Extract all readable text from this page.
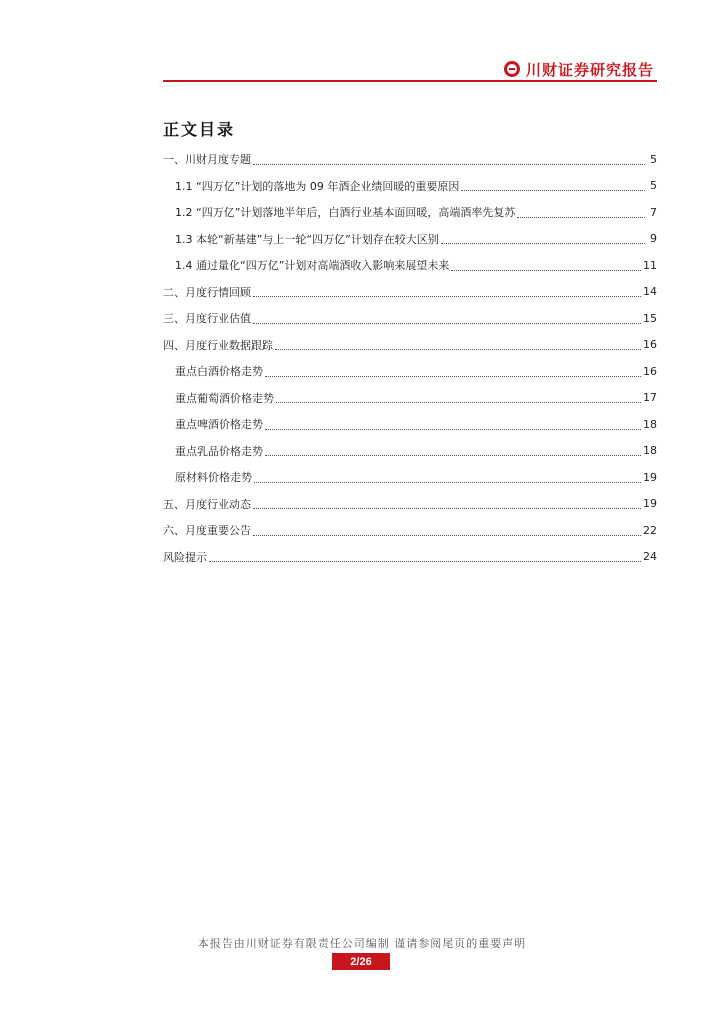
川财证券研究报告
正文目录
一、川财月度专题	5
1.1 “四万亿”计划的落地为 09 年酒企业绩回暖的重要原因	5
1.2 “四万亿”计划落地半年后，白酒行业基本面回暖，高端酒率先复苏	7
1.3 本轮“新基建”与上一轮“四万亿”计划存在较大区别	9
1.4 通过量化“四万亿”计划对高端酒收入影响来展望未来	11
二、月度行情回顾	14
三、月度行业估值	15
四、月度行业数据跟踪	16
重点白酒价格走势	16
重点葡萄酒价格走势	17
重点啤酒价格走势	18
重点乳品价格走势	18
原材料价格走势	19
五、月度行业动态	19
六、月度重要公告	22
风险提示	24
本报告由川财证券有限责任公司编制 谨请参阅尾页的重要声明
2/26
